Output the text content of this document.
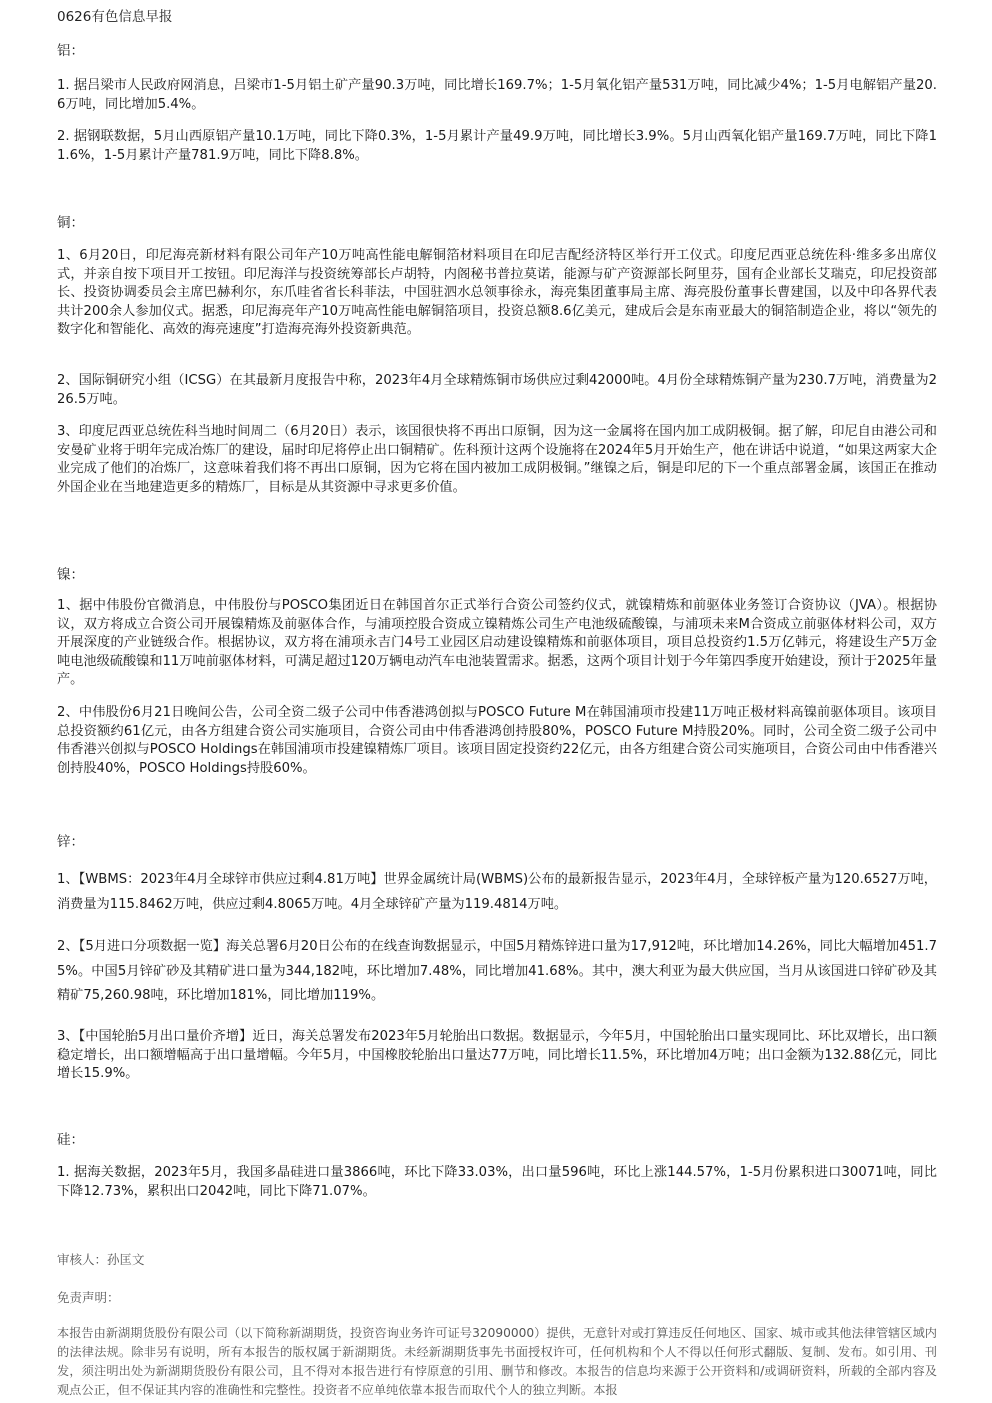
0626有色信息早报
铝：
1. 据吕梁市人民政府网消息，吕梁市1-5月铝土矿产量90.3万吨，同比增长169.7%；1-5月氧化铝产量531万吨，同比减少4%；1-5月电解铝产量20.6万吨，同比增加5.4%。
2. 据钢联数据，5月山西原铝产量10.1万吨，同比下降0.3%，1-5月累计产量49.9万吨，同比增长3.9%。5月山西氧化铝产量169.7万吨，同比下降11.6%，1-5月累计产量781.9万吨，同比下降8.8%。
铜：
1、6月20日，印尼海亮新材料有限公司年产10万吨高性能电解铜箔材料项目在印尼吉配经济特区举行开工仪式。印度尼西亚总统佐科·维多多出席仪式，并亲自按下项目开工按钮。印尼海洋与投资统筹部长卢胡特，内阁秘书普拉莫诺，能源与矿产资源部长阿里芬，国有企业部长艾瑞克，印尼投资部长、投资协调委员会主席巴赫利尔，东爪哇省省长科菲法，中国驻泗水总领事徐永，海亮集团董事局主席、海亮股份董事长曹建国，以及中印各界代表共计200余人参加仪式。据悉，印尼海亮年产10万吨高性能电解铜箔项目，投资总额8.6亿美元，建成后会是东南亚最大的铜箔制造企业，将以“领先的数字化和智能化、高效的海亮速度”打造海亮海外投资新典范。
2、国际铜研究小组（ICSG）在其最新月度报告中称，2023年4月全球精炼铜市场供应过剩42000吨。4月份全球精炼铜产量为230.7万吨，消费量为226.5万吨。
3、印度尼西亚总统佐科当地时间周二（6月20日）表示，该国很快将不再出口原铜，因为这一金属将在国内加工成阴极铜。据了解，印尼自由港公司和安曼矿业将于明年完成冶炼厂的建设，届时印尼将停止出口铜精矿。佐科预计这两个设施将在2024年5月开始生产，他在讲话中说道，“如果这两家大企业完成了他们的冶炼厂，这意味着我们将不再出口原铜，因为它将在国内被加工成阴极铜。”继镍之后，铜是印尼的下一个重点部署金属，该国正在推动外国企业在当地建造更多的精炼厂，目标是从其资源中寻求更多价值。
镍：
1、据中伟股份官微消息，中伟股份与POSCO集团近日在韩国首尔正式举行合资公司签约仪式，就镍精炼和前驱体业务签订合资协议（JVA）。根据协议，双方将成立合资公司开展镍精炼及前驱体合作，与浦项控股合资成立镍精炼公司生产电池级硫酸镍，与浦项未来M合资成立前驱体材料公司，双方开展深度的产业链级合作。根据协议，双方将在浦项永吉门4号工业园区启动建设镍精炼和前驱体项目，项目总投资约1.5万亿韩元，将建设生产5万金吨电池级硫酸镍和11万吨前驱体材料，可满足超过120万辆电动汽车电池装置需求。据悉，这两个项目计划于今年第四季度开始建设，预计于2025年量产。
2、中伟股份6月21日晚间公告，公司全资二级子公司中伟香港鸿创拟与POSCO Future M在韩国浦项市投建11万吨正极材料高镍前驱体项目。该项目总投资额约61亿元，由各方组建合资公司实施项目，合资公司由中伟香港鸿创持股80%，POSCO Future M持股20%。同时，公司全资二级子公司中伟香港兴创拟与POSCO Holdings在韩国浦项市投建镍精炼厂项目。该项目固定投资约22亿元，由各方组建合资公司实施项目，合资公司由中伟香港兴创持股40%，POSCO Holdings持股60%。
锌：
1、【WBMS：2023年4月全球锌市供应过剩4.81万吨】世界金属统计局(WBMS)公布的最新报告显示，2023年4月，全球锌板产量为120.6527万吨，消费量为115.8462万吨，供应过剩4.8065万吨。4月全球锌矿产量为119.4814万吨。
2、【5月进口分项数据一览】海关总署6月20日公布的在线查询数据显示，中国5月精炼锌进口量为17,912吨，环比增加14.26%，同比大幅增加451.75%。中国5月锌矿砂及其精矿进口量为344,182吨，环比增加7.48%，同比增加41.68%。其中，澳大利亚为最大供应国，当月从该国进口锌矿砂及其精矿75,260.98吨，环比增加181%，同比增加119%。
3、【中国轮胎5月出口量价齐增】近日，海关总署发布2023年5月轮胎出口数据。数据显示，今年5月，中国轮胎出口量实现同比、环比双增长，出口额稳定增长，出口额增幅高于出口量增幅。今年5月，中国橡胶轮胎出口量达77万吨，同比增长11.5%，环比增加4万吨；出口金额为132.88亿元，同比增长15.9%。
硅：
1. 据海关数据，2023年5月，我国多晶硅进口量3866吨，环比下降33.03%，出口量596吨，环比上涨144.57%，1-5月份累积进口30071吨，同比下降12.73%，累积出口2042吨，同比下降71.07%。
审核人：孙匡文
免责声明：
本报告由新湖期货股份有限公司（以下简称新湖期货，投资咨询业务许可证号32090000）提供，无意针对或打算违反任何地区、国家、城市或其他法律管辖区域内的法律法规。除非另有说明，所有本报告的版权属于新湖期货。未经新湖期货事先书面授权许可，任何机构和个人不得以任何形式翻版、复制、发布。如引用、刊发，须注明出处为新湖期货股份有限公司，且不得对本报告进行有悖原意的引用、删节和修改。本报告的信息均来源于公开资料和/或调研资料，所载的全部内容及观点公正，但不保证其内容的准确性和完整性。投资者不应单纯依靠本报告而取代个人的独立判断。本报
